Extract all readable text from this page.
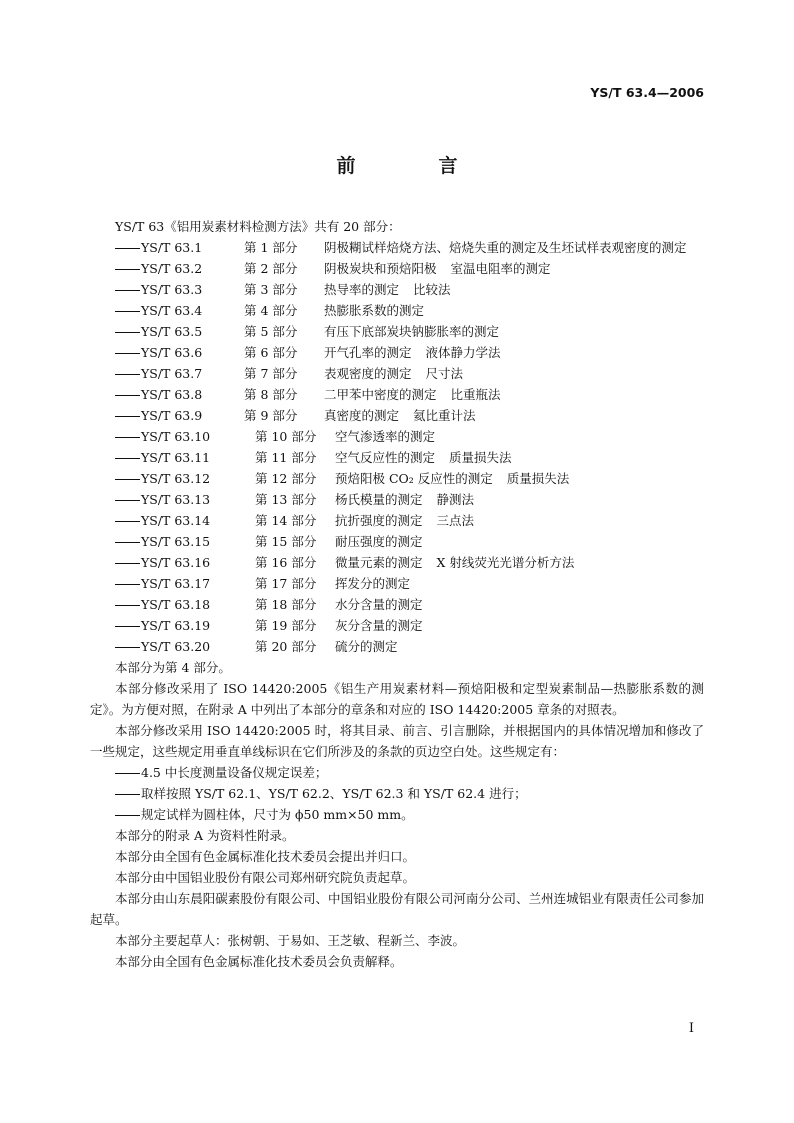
YS/T 63.4—2006
前　言

YS/T 63《铝用炭素材料检测方法》共有 20 部分：

YS/T 63.1	第 1 部分 阴极糊试样焙烧方法、焙烧失重的测定及生坯试样表观密度的测定

YS/T 63.2	第 2 部分 阴极炭块和预焙阳极 室温电阻率的测定

YS/T 63.3	第 3 部分 热导率的测定 比较法

YS/T 63.4	第 4 部分 热膨胀系数的测定

YS/T 63.5	第 5 部分 有压下底部炭块钠膨胀率的测定

YS/T 63.6	第 6 部分 开气孔率的测定 液体静力学法

YS/T 63.7	第 7 部分 表观密度的测定 尺寸法

YS/T 63.8	第 8 部分 二甲苯中密度的测定 比重瓶法

YS/T 63.9	第 9 部分 真密度的测定 氦比重计法

YS/T 63.10	第 10 部分 空气渗透率的测定

YS/T 63.11	第 11 部分 空气反应性的测定 质量损失法

YS/T 63.12	第 12 部分 预焙阳极 CO₂ 反应性的测定 质量损失法

YS/T 63.13	第 13 部分 杨氏模量的测定 静测法

YS/T 63.14	第 14 部分 抗折强度的测定 三点法

YS/T 63.15	第 15 部分 耐压强度的测定

YS/T 63.16	第 16 部分 微量元素的测定 X 射线荧光光谱分析方法

YS/T 63.17	第 17 部分 挥发分的测定

YS/T 63.18	第 18 部分 水分含量的测定

YS/T 63.19	第 19 部分 灰分含量的测定

YS/T 63.20	第 20 部分 硫分的测定

本部分为第 4 部分。

本部分修改采用了 ISO 14420:2005《铝生产用炭素材料—预焙阳极和定型炭素制品—热膨胀系数的测定》。为方便对照，在附录 A 中列出了本部分的章条和对应的 ISO 14420:2005 章条的对照表。

本部分修改采用 ISO 14420:2005 时，将其目录、前言、引言删除，并根据国内的具体情况增加和修改了一些规定，这些规定用垂直单线标识在它们所涉及的条款的页边空白处。这些规定有：

4.5 中长度测量设备仪规定误差；

取样按照 YS/T 62.1、YS/T 62.2、YS/T 62.3 和 YS/T 62.4 进行；

规定试样为圆柱体，尺寸为 ϕ50 mm×50 mm。

本部分的附录 A 为资料性附录。

本部分由全国有色金属标准化技术委员会提出并归口。

本部分由中国铝业股份有限公司郑州研究院负责起草。

本部分由山东晨阳碳素股份有限公司、中国铝业股份有限公司河南分公司、兰州连城铝业有限责任公司参加起草。

本部分主要起草人：张树朝、于易如、王芝敏、程新兰、李波。

本部分由全国有色金属标准化技术委员会负责解释。

I
